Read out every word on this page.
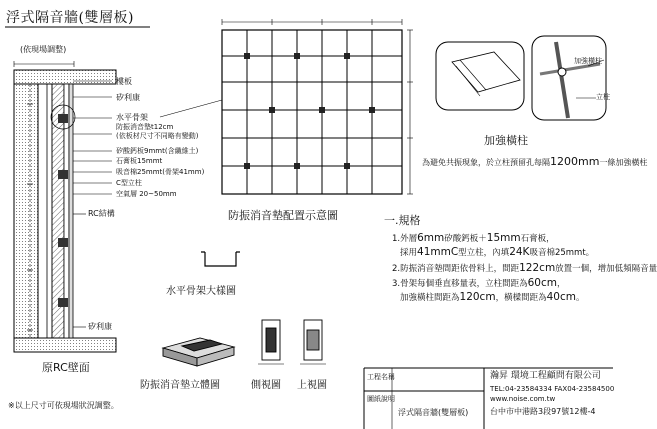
浮式隔音牆(雙層板)
(依現場調整)
樓板
矽利康
水平骨架
防振消音墊t12cm
(依板材尺寸不同略有變動)
矽酸鈣板9mmt(含纖維土)
石膏板15mmt
吸音棉25mmt(骨架41mm)
C型立柱
空氣層 20~50mm
RC結構
矽利康
原RC壁面
※以上尺寸可依現場狀況調整。
防振消音墊配置示意圖
加強橫柱
立柱
加強橫柱
為避免共振現象，於立柱預留孔每隔1200mm一條加強橫柱
一.規格
1.外層6mm矽酸鈣板＋15mm石膏板，
採用41mmC型立柱，內填24K吸音棉25mmt。
2.防振消音墊間距依骨料上，間距122cm放置一個，增加低頻隔音量
3.骨架每個垂直移量表，立柱間距為60cm，
加強橫柱間距為120cm，横樑間距為40cm。
水平骨架大樣圖
防振消音墊立體圖	側視圖 上視圖
工程名稱
圖紙說明
浮式隔音牆(雙層板)
瀚昇 環境工程顧問有限公司
TEL:04-23584334 FAX04-23584500
www.noise.com.tw
台中市中港路3段97號12樓-4
